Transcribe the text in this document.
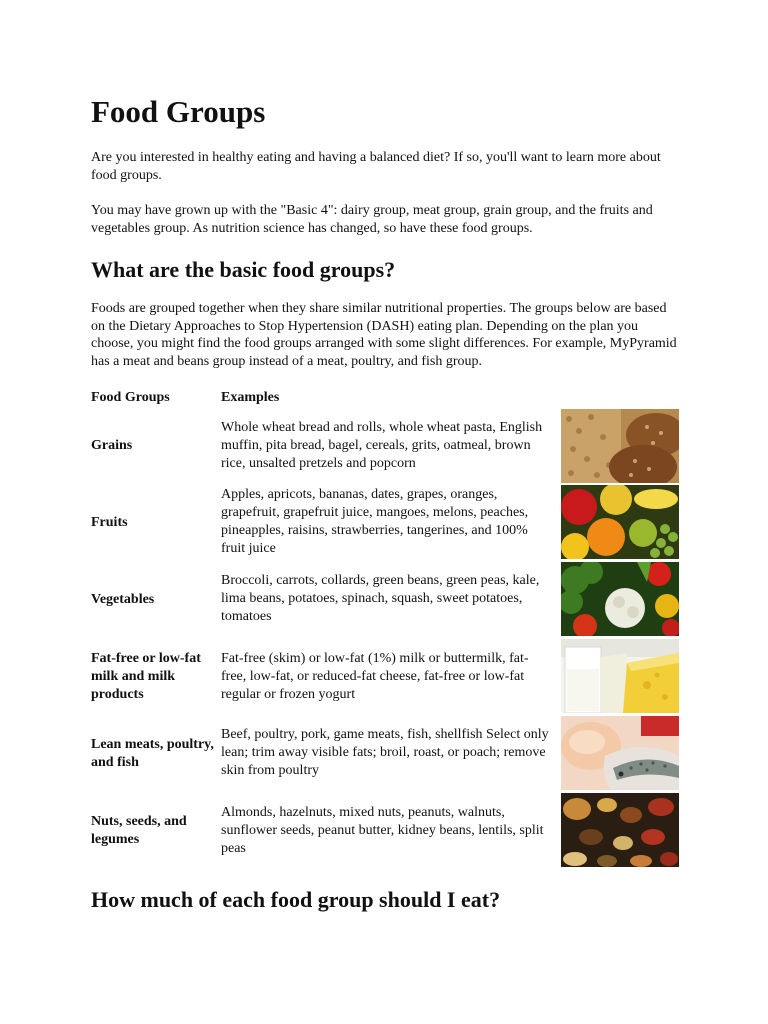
Food Groups

Are you interested in healthy eating and having a balanced diet? If so, you'll want to learn more about food groups.

You may have grown up with the "Basic 4": dairy group, meat group, grain group, and the fruits and vegetables group. As nutrition science has changed, so have these food groups.

What are the basic food groups?

Foods are grouped together when they share similar nutritional properties. The groups below are based on the Dietary Approaches to Stop Hypertension (DASH) eating plan. Depending on the plan you choose, you might find the food groups arranged with some slight differences. For example, MyPyramid has a meat and beans group instead of a meat, poultry, and fish group.

Food Groups	Examples
Grains
Whole wheat bread and rolls, whole wheat pasta, English muffin, pita bread, bagel, cereals, grits, oatmeal, brown rice, unsalted pretzels and popcorn
Fruits
Apples, apricots, bananas, dates, grapes, oranges, grapefruit, grapefruit juice, mangoes, melons, peaches, pineapples, raisins, strawberries, tangerines, and 100% fruit juice
Vegetables
Broccoli, carrots, collards, green beans, green peas, kale, lima beans, potatoes, spinach, squash, sweet potatoes, tomatoes
Fat-free or low-fat milk and milk products
Fat-free (skim) or low-fat (1%) milk or buttermilk, fat-free, low-fat, or reduced-fat cheese, fat-free or low-fat regular or frozen yogurt
Lean meats, poultry, and fish
Beef, poultry, pork, game meats, fish, shellfish Select only lean; trim away visible fats; broil, roast, or poach; remove skin from poultry
Nuts, seeds, and legumes
Almonds, hazelnuts, mixed nuts, peanuts, walnuts, sunflower seeds, peanut butter, kidney beans, lentils, split peas
How much of each food group should I eat?
